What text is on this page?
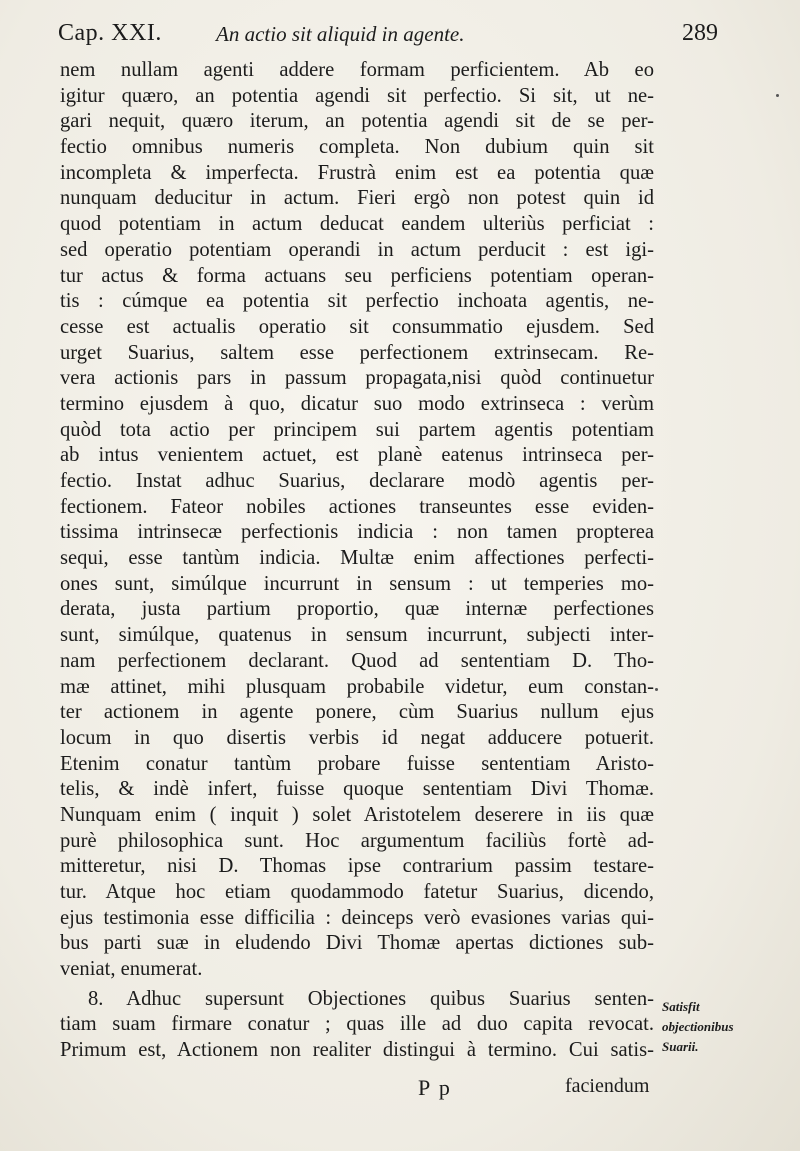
Cap. XXI.	An actio sit aliquid in agente.	289
nem nullam agenti addere formam perficientem. Ab eo
igitur quæro, an potentia agendi sit perfectio. Si sit, ut ne-
gari nequit, quæro iterum, an potentia agendi sit de se per-
fectio omnibus numeris completa. Non dubium quin sit
incompleta & imperfecta. Frustrà enim est ea potentia quæ
nunquam deducitur in actum. Fieri ergò non potest quin id
quod potentiam in actum deducat eandem ulteriùs perficiat :
sed operatio potentiam operandi in actum perducit : est igi-
tur actus & forma actuans seu perficiens potentiam operan-
tis : cúmque ea potentia sit perfectio inchoata agentis, ne-
cesse est actualis operatio sit consummatio ejusdem. Sed
urget Suarius, saltem esse perfectionem extrinsecam. Re-
vera actionis pars in passum propagata,nisi quòd continuetur
termino ejusdem à quo, dicatur suo modo extrinseca : verùm
quòd tota actio per principem sui partem agentis potentiam
ab intus venientem actuet, est planè eatenus intrinseca per-
fectio. Instat adhuc Suarius, declarare modò agentis per-
fectionem. Fateor nobiles actiones transeuntes esse eviden-
tissima intrinsecæ perfectionis indicia : non tamen propterea
sequi, esse tantùm indicia. Multæ enim affectiones perfecti-
ones sunt, simúlque incurrunt in sensum : ut temperies mo-
derata, justa partium proportio, quæ internæ perfectiones
sunt, simúlque, quatenus in sensum incurrunt, subjecti inter-
nam perfectionem declarant. Quod ad sententiam D. Tho-
mæ attinet, mihi plusquam probabile videtur, eum constan-
ter actionem in agente ponere, cùm Suarius nullum ejus
locum in quo disertis verbis id negat adducere potuerit.
Etenim conatur tantùm probare fuisse sententiam Aristo-
telis, & indè infert, fuisse quoque sententiam Divi Thomæ.
Nunquam enim ( inquit ) solet Aristotelem deserere in iis quæ
purè philosophica sunt. Hoc argumentum faciliùs fortè ad-
mitteretur, nisi D. Thomas ipse contrarium passim testare-
tur. Atque hoc etiam quodammodo fatetur Suarius, dicendo,
ejus testimonia esse difficilia : deinceps verò evasiones varias qui-
bus parti suæ in eludendo Divi Thomæ apertas dictiones sub-
veniat, enumerat.
8. Adhuc supersunt Objectiones quibus Suarius senten-
tiam suam firmare conatur ; quas ille ad duo capita revocat.
Primum est, Actionem non realiter distingui à termino. Cui satis-
Satisfit objectionibus Suarii.
P p	faciendum
